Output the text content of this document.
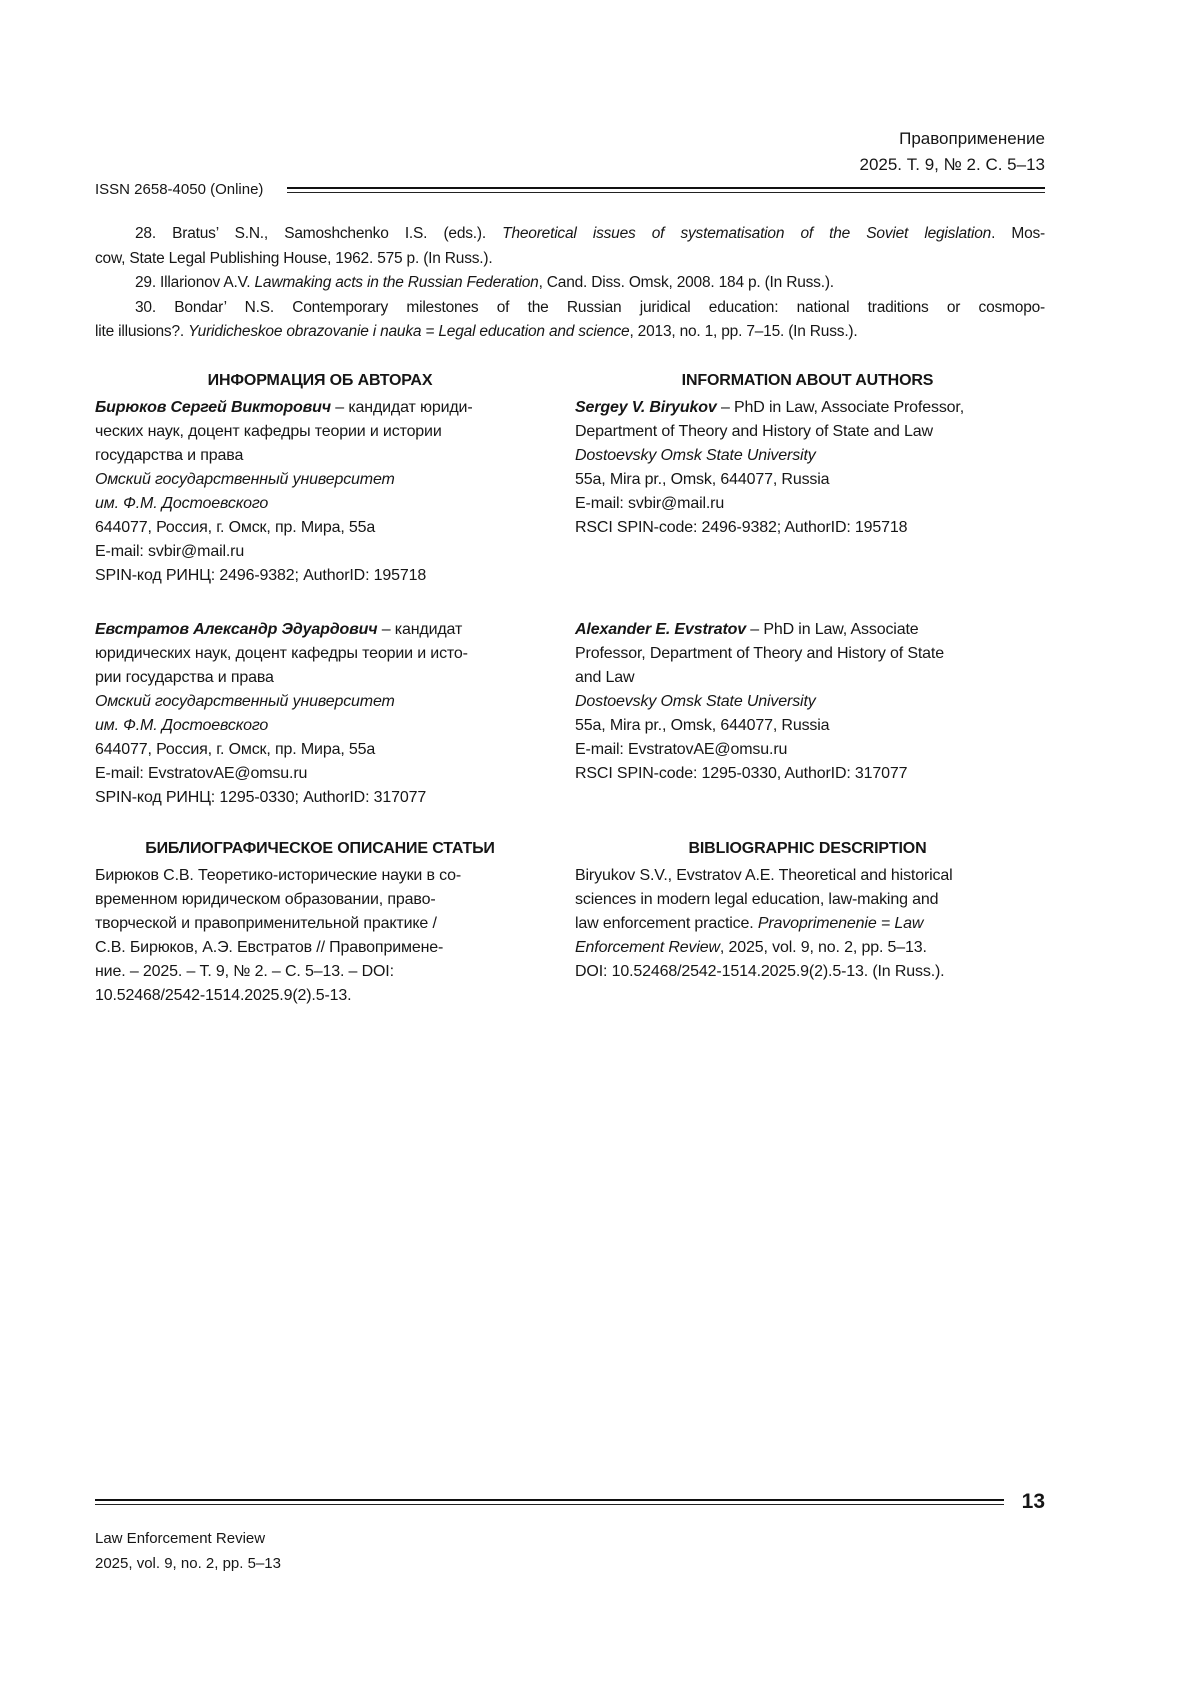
Правоприменение
2025. Т. 9, № 2. С. 5–13
ISSN 2658-4050 (Online)
28. Bratus’ S.N., Samoshchenko I.S. (eds.). Theoretical issues of systematisation of the Soviet legislation. Mos-
cow, State Legal Publishing House, 1962. 575 p. (In Russ.).
29. Illarionov A.V. Lawmaking acts in the Russian Federation, Cand. Diss. Omsk, 2008. 184 p. (In Russ.).
30. Bondar’ N.S. Contemporary milestones of the Russian juridical education: national traditions or cosmopo-
lite illusions?. Yuridicheskoe obrazovanie i nauka = Legal education and science, 2013, no. 1, pp. 7–15. (In Russ.).
ИНФОРМАЦИЯ ОБ АВТОРАХ	INFORMATION ABOUT AUTHORS
Бирюков Сергей Викторович – кандидат юриди-
ческих наук, доцент кафедры теории и истории
государства и права
Омский государственный университет
им. Ф.М. Достоевского
644077, Россия, г. Омск, пр. Мира, 55а
E-mail: svbir@mail.ru
SPIN-код РИНЦ: 2496-9382; AuthorID: 195718
Sergey V. Biryukov – PhD in Law, Associate Professor,
Department of Theory and History of State and Law
Dostoevsky Omsk State University
55a, Mira pr., Omsk, 644077, Russia
E-mail: svbir@mail.ru
RSCI SPIN-code: 2496-9382; AuthorID: 195718
Евстратов Александр Эдуардович – кандидат
юридических наук, доцент кафедры теории и исто-
рии государства и права
Омский государственный университет
им. Ф.М. Достоевского
644077, Россия, г. Омск, пр. Мира, 55а
E-mail: EvstratovAE@omsu.ru
SPIN-код РИНЦ: 1295-0330; AuthorID: 317077
Alexander E. Evstratov – PhD in Law, Associate
Professor, Department of Theory and History of State
and Law
Dostoevsky Omsk State University
55a, Mira pr., Omsk, 644077, Russia
E-mail: EvstratovAE@omsu.ru
RSCI SPIN-code: 1295-0330, AuthorID: 317077
БИБЛИОГРАФИЧЕСКОЕ ОПИСАНИЕ СТАТЬИ	BIBLIOGRAPHIC DESCRIPTION
Бирюков С.В. Теоретико-исторические науки в со-
временном юридическом образовании, право-
творческой и правоприменительной практике /
С.В. Бирюков, А.Э. Евстратов // Правопримене-
ние. – 2025. – Т. 9, № 2. – С. 5–13. – DOI:
10.52468/2542-1514.2025.9(2).5-13.
Biryukov S.V., Evstratov A.E. Theoretical and historical
sciences in modern legal education, law-making and
law enforcement practice. Pravoprimenenie = Law
Enforcement Review, 2025, vol. 9, no. 2, pp. 5–13.
DOI: 10.52468/2542-1514.2025.9(2).5-13. (In Russ.).
13
Law Enforcement Review
2025, vol. 9, no. 2, pp. 5–13
